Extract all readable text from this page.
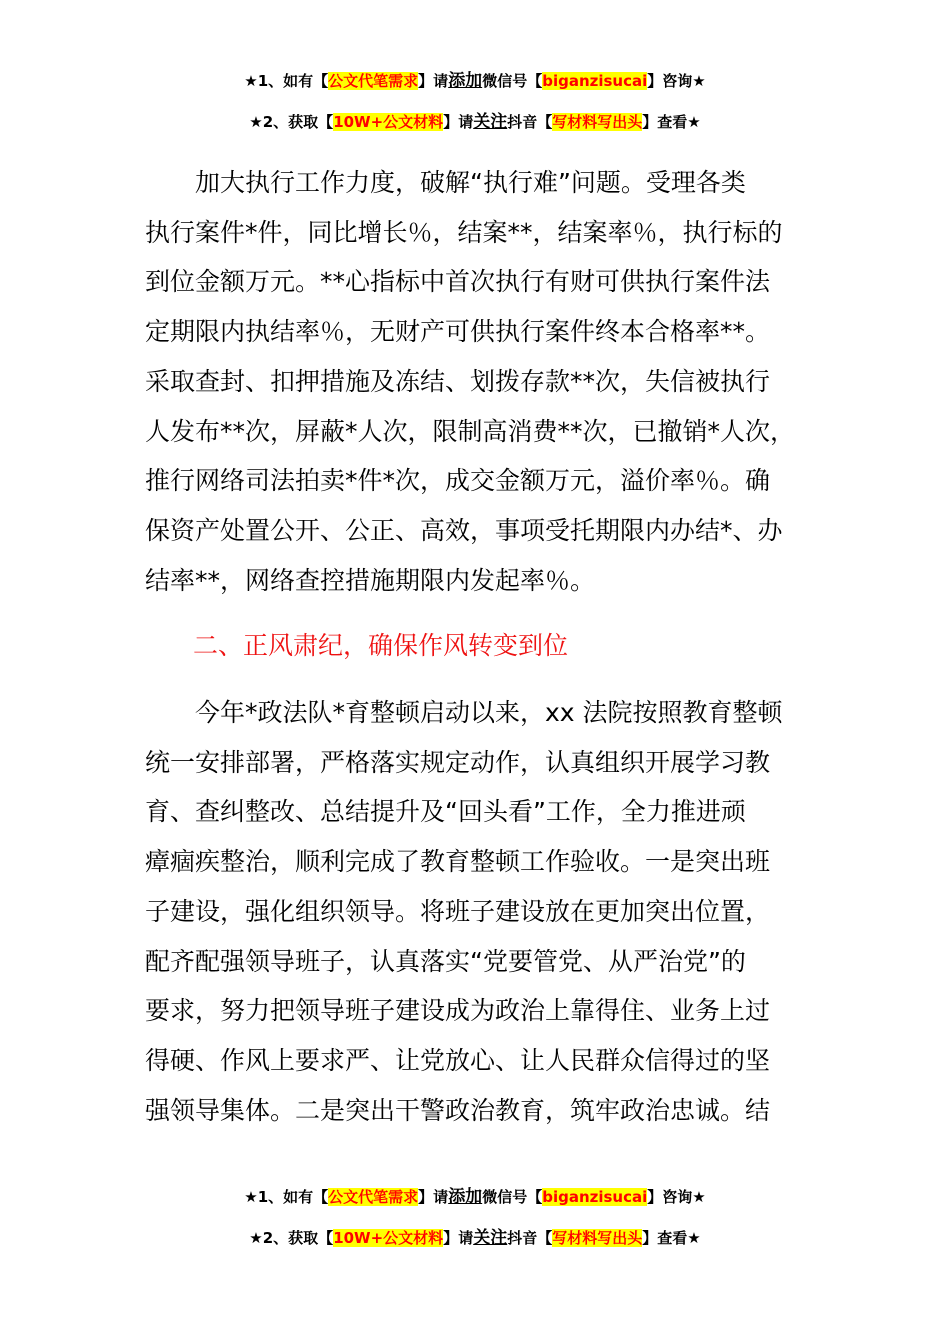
★1、如有【公文代笔需求】请添加微信号【biganzisucai】咨询★
★2、获取【10W+公文材料】请关注抖音【写材料写出头】查看★
加大执行工作力度，破解“执行难”问题。受理各类
执行案件*件，同比增长％，结案**，结案率％，执行标的
到位金额万元。**心指标中首次执行有财可供执行案件法
定期限内执结率％，无财产可供执行案件终本合格率**。
采取查封、扣押措施及冻结、划拨存款**次，失信被执行
人发布**次，屏蔽*人次，限制高消费**次，已撤销*人次，
推行网络司法拍卖*件*次，成交金额万元，溢价率％。确
保资产处置公开、公正、高效，事项受托期限内办结*、办
结率**，网络查控措施期限内发起率％。
二、正风肃纪，确保作风转变到位
今年*政法队*育整顿启动以来，xx 法院按照教育整顿
统一安排部署，严格落实规定动作，认真组织开展学习教
育、查纠整改、总结提升及“回头看”工作，全力推进顽
瘴痼疾整治，顺利完成了教育整顿工作验收。一是突出班
子建设，强化组织领导。将班子建设放在更加突出位置，
配齐配强领导班子，认真落实“党要管党、从严治党”的
要求，努力把领导班子建设成为政治上靠得住、业务上过
得硬、作风上要求严、让党放心、让人民群众信得过的坚
强领导集体。二是突出干警政治教育，筑牢政治忠诚。结
★1、如有【公文代笔需求】请添加微信号【biganzisucai】咨询★
★2、获取【10W+公文材料】请关注抖音【写材料写出头】查看★
